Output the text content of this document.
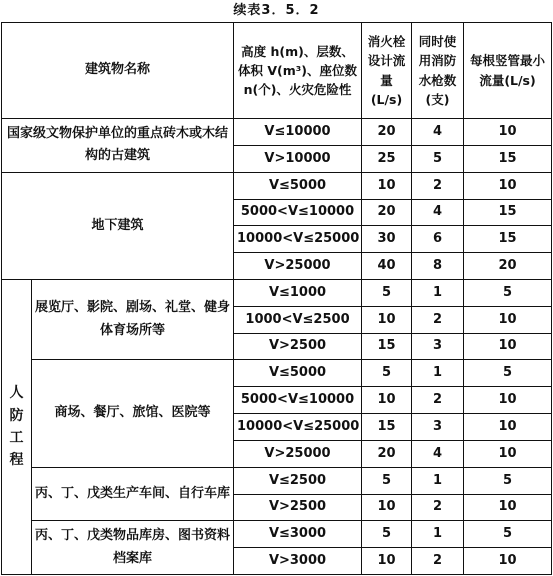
续表3．5．2
建筑物名称		高度 h(m)、层数、体积 V(m³)、座位数 n(个)、火灾危险性	消火栓设计流量(L/s)	同时使用消防水枪数(支)	每根竖管最小流量(L/s)
国家级文物保护单位的重点砖木或木结构的古建筑		V≤10000	20	4	10
		V>10000	25	5	15
地下建筑		V≤5000	10	2	10
		5000<V≤10000	20	4	15
		10000<V≤25000	30	6	15
		V>25000	40	8	20

人防工程	展览厅、影院、剧场、礼堂、健身体育场所等	V≤1000	5	1	5
		1000<V≤2500	10	2	10
		V>2500	15	3	10
	商场、餐厅、旅馆、医院等	V≤5000	5	1	5
		5000<V≤10000	10	2	10
		10000<V≤25000	15	3	10
		V>25000	20	4	10
	丙、丁、戊类生产车间、自行车库	V≤2500	5	1	5
		V>2500	10	2	10
	丙、丁、戊类物品库房、图书资料档案库	V≤3000	5	1	5
		V>3000	10	2	10
